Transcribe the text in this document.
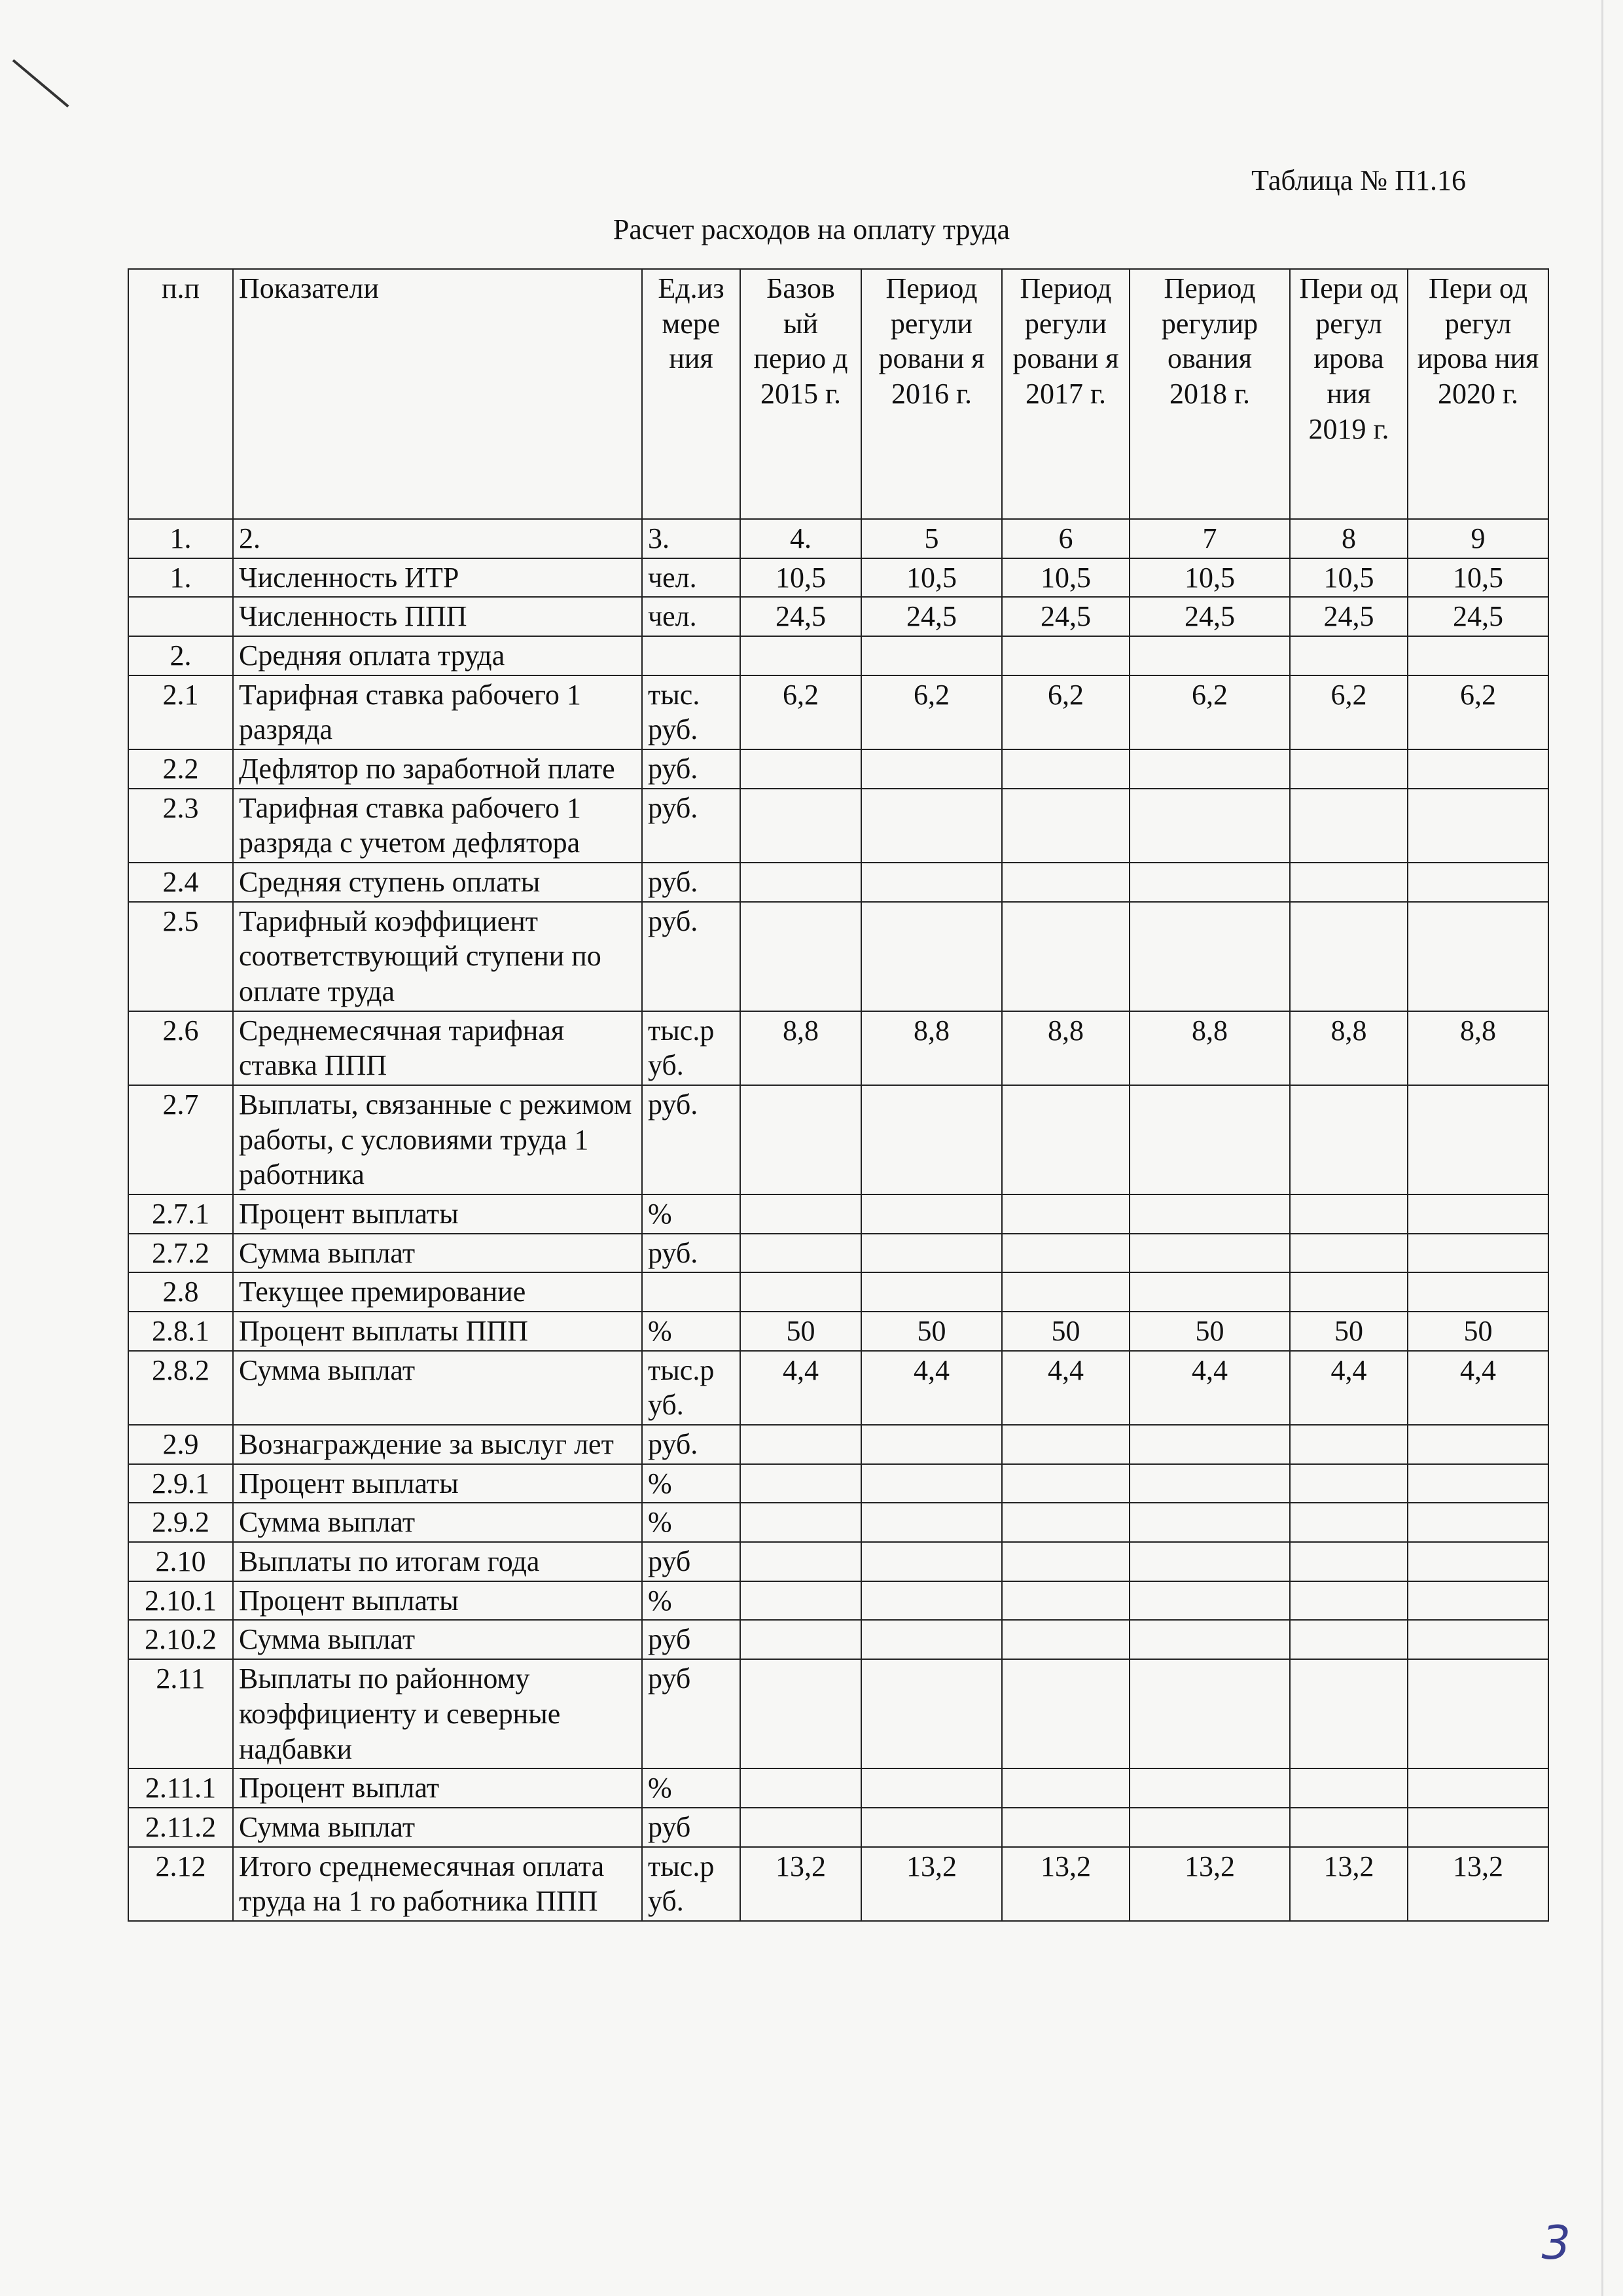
Таблица № П1.16
Расчет расходов на оплату труда
п.п	Показатели	Ед.из мере ния	Базов ый перио д 2015 г.	Период регули ровани я 2016 г.	Период регули ровани я 2017 г.	Период регулир ования 2018 г.	Пери од регул ирова ния 2019 г.	Пери од регул ирова ния 2020 г.
1.	2.	3.	4.	5	6	7	8	9
1.	Численность ИТР	чел.	10,5	10,5	10,5	10,5	10,5	10,5
	Численность ППП	чел.	24,5	24,5	24,5	24,5	24,5	24,5
2.	Средняя оплата труда							
2.1	Тарифная ставка рабочего 1 разряда	тыс. руб.	6,2	6,2	6,2	6,2	6,2	6,2
2.2	Дефлятор по заработной плате	руб.						
2.3	Тарифная ставка рабочего 1 разряда с учетом дефлятора	руб.						
2.4	Средняя ступень оплаты	руб.						
2.5	Тарифный коэффициент соответствующий ступени по оплате труда	руб.						
2.6	Среднемесячная тарифная ставка ППП	тыс.р уб.	8,8	8,8	8,8	8,8	8,8	8,8
2.7	Выплаты, связанные с режимом работы, с условиями труда 1 работника	руб.						
2.7.1	Процент выплаты	%						
2.7.2	Сумма выплат	руб.						
2.8	Текущее премирование							
2.8.1	Процент выплаты ППП	%	50	50	50	50	50	50
2.8.2	Сумма выплат	тыс.р уб.	4,4	4,4	4,4	4,4	4,4	4,4
2.9	Вознаграждение за выслуг лет	руб.						
2.9.1	Процент выплаты	%						
2.9.2	Сумма выплат	%						
2.10	Выплаты по итогам года	руб						
2.10.1	Процент выплаты	%						
2.10.2	Сумма выплат	руб						
2.11	Выплаты по районному коэффициенту и северные надбавки	руб						
2.11.1	Процент выплат	%						
2.11.2	Сумма выплат	руб						
2.12	Итого среднемесячная оплата труда на 1 го работника ППП	тыс.р уб.	13,2	13,2	13,2	13,2	13,2	13,2
3
